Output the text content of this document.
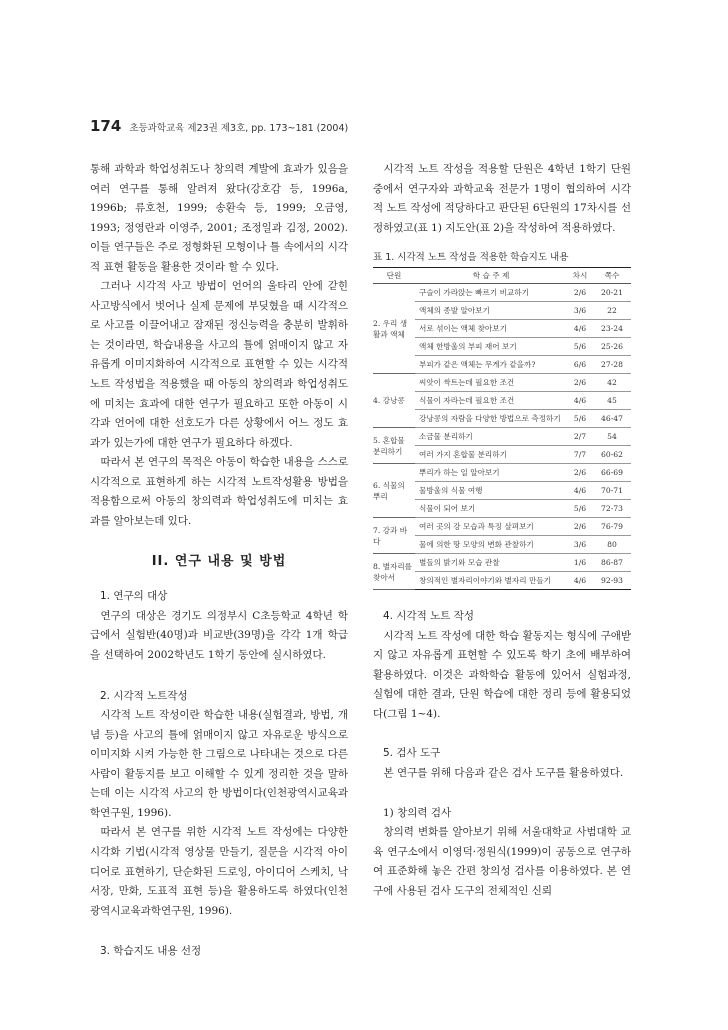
174 초등과학교육 제23권 제3호, pp. 173~181 (2004)

통해 과학과 학업성취도나 창의력 계발에 효과가 있음을 여러 연구를 통해 알려져 왔다(강호감 등, 1996a, 1996b; 류호천, 1999; 송환숙 등, 1999; 오금영, 1993; 정영란과 이영주, 2001; 조정일과 김정, 2002). 이들 연구들은 주로 정형화된 모형이나 틀 속에서의 시각적 표현 활동을 활용한 것이라 할 수 있다.

그러나 시각적 사고 방법이 언어의 울타리 안에 갇힌 사고방식에서 벗어나 실제 문제에 부딪혔을 때 시각적으로 사고를 이끌어내고 잠재된 정신능력을 충분히 발휘하는 것이라면, 학습내용을 사고의 틀에 얽매이지 않고 자유롭게 이미지화하여 시각적으로 표현할 수 있는 시각적 노트 작성법을 적용했을 때 아동의 창의력과 학업성취도에 미치는 효과에 대한 연구가 필요하고 또한 아동이 시각과 언어에 대한 선호도가 다른 상황에서 어느 정도 효과가 있는가에 대한 연구가 필요하다 하겠다.

따라서 본 연구의 목적은 아동이 학습한 내용을 스스로 시각적으로 표현하게 하는 시각적 노트작성활용 방법을 적용함으로써 아동의 창의력과 학업성취도에 미치는 효과를 알아보는데 있다.

II. 연구 내용 및 방법

1. 연구의 대상

연구의 대상은 경기도 의정부시 C초등학교 4학년 학급에서 실험반(40명)과 비교반(39명)을 각각 1개 학급을 선택하여 2002학년도 1학기 동안에 실시하였다.

2. 시각적 노트작성

시각적 노트 작성이란 학습한 내용(실험결과, 방법, 개념 등)을 사고의 틀에 얽매이지 않고 자유로운 방식으로 이미지화 시켜 가능한 한 그림으로 나타내는 것으로 다른 사람이 활동지를 보고 이해할 수 있게 정리한 것을 말하는데 이는 시각적 사고의 한 방법이다(인천광역시교육과학연구원, 1996).

따라서 본 연구를 위한 시각적 노트 작성에는 다양한 시각화 기법(시각적 영상물 만들기, 질문을 시각적 아이디어로 표현하기, 단순화된 드로잉, 아이디어 스케치, 낙서장, 만화, 도표적 표현 등)을 활용하도록 하였다(인천광역시교육과학연구원, 1996).

3. 학습지도 내용 선정

시각적 노트 작성을 적용할 단원은 4학년 1학기 단원 중에서 연구자와 과학교육 전문가 1명이 협의하여 시각적 노트 작성에 적당하다고 판단된 6단원의 17차시를 선정하였고(표 1) 지도안(표 2)을 작성하여 적용하였다.

표 1. 시각적 노트 작성을 적용한 학습지도 내용

단원	학 습 주 제	차시	쪽수
2. 우리 생활과 액체	구슬이 가라앉는 빠르기 비교하기	2/6	20-21
	액체의 종발 알아보기	3/6	22
	서로 섞이는 액체 찾아보기	4/6	23-24
	액체 한방울의 부피 재어 보기	5/6	25-26
	부피가 같은 액체는 무게가 같을까?	6/6	27-28
4. 강낭콩	씨앗이 싹트는데 필요한 조건	2/6	42
	식물이 자라는데 필요한 조건	4/6	45
	강낭콩의 자람을 다양한 방법으로 측정하기	5/6	46-47
5. 혼합물 분리하기	소금물 분리하기	2/7	54
	여러 가지 혼합물 분리하기	7/7	60-62
6. 식물의 뿌리	뿌리가 하는 일 알아보기	2/6	66-69
	물방울의 식물 여행	4/6	70-71
	식물이 되어 보기	5/6	72-73
7. 강과 바다	여러 곳의 강 모습과 특징 살펴보기	2/6	76-79
	물에 의한 땅 모양의 변화 관찰하기	3/6	80
8. 별자리를 찾아서	별들의 밝기와 모습 관찰	1/6	86-87
	창의적인 별자리이야기와 별자리 만들기	4/6	92-93

4. 시각적 노트 작성

시각적 노트 작성에 대한 학습 활동지는 형식에 구애받지 않고 자유롭게 표현할 수 있도록 학기 초에 배부하여 활용하였다. 이것은 과학학습 활동에 있어서 실험과정, 실험에 대한 결과, 단원 학습에 대한 정리 등에 활용되었다(그림 1~4).

5. 검사 도구

본 연구를 위해 다음과 같은 검사 도구를 활용하였다.

1) 창의력 검사

창의력 변화를 알아보기 위해 서울대학교 사범대학 교육 연구소에서 이영덕·정원식(1999)이 공동으로 연구하여 표준화해 놓은 간편 창의성 검사를 이용하였다. 본 연구에 사용된 검사 도구의 전체적인 신뢰
